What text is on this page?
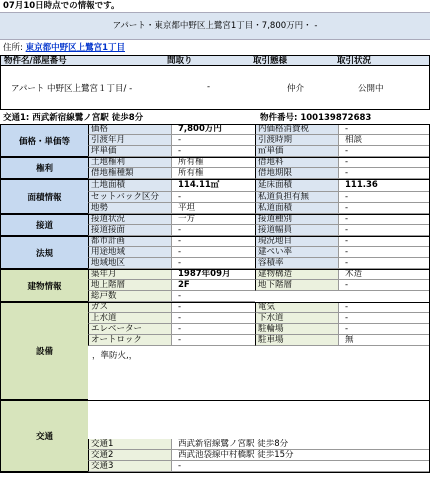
07月10日時点での情報です。
アパート・東京都中野区上鷺宮1丁目・7,800万円・ -
住所: 東京都中野区上鷺宮1丁目
物件名/部屋番号	間取り	取引態様	取引状況
アパート 中野区上鷺宮１丁目/ -	-	仲介	公開中
交通1: 西武新宿線鷺ノ宮駅 徒歩8分	物件番号: 100139872683
価格	7,800万円	内価格消費税	-
引渡年月	-	引渡時期	相談
坪単価	-	㎡単価	-
価格・単価等
土地権利	所有権	借地料	-
借地権種類	所有権	借地期限	-
権利
土地面積	114.11㎡	延床面積	111.36
セットバック区分	-	私道負担有無	-
地勢	平坦	私道面積	-
面積情報
接道状況	一方	接道種別	-
接道接面	-	接道幅員	-
接道
都市計画	-	現況地目	-
用途地域	-	建ぺい率	-
地域地区	-	容積率	-
法規
築年月	1987年09月	建物構造	木造
地上階層	2F	地下階層	-
総戸数	-
建物情報
ガス	-	電気	-
上水道	-	下水道	-
エレベーター	-	駐輪場	-
オートロック	-	駐車場	無
，準防火,，
設備
交通1	西武新宿線鷺ノ宮駅 徒歩8分
交通2	西武池袋線中村橋駅 徒歩15分
交通3	-
交通
